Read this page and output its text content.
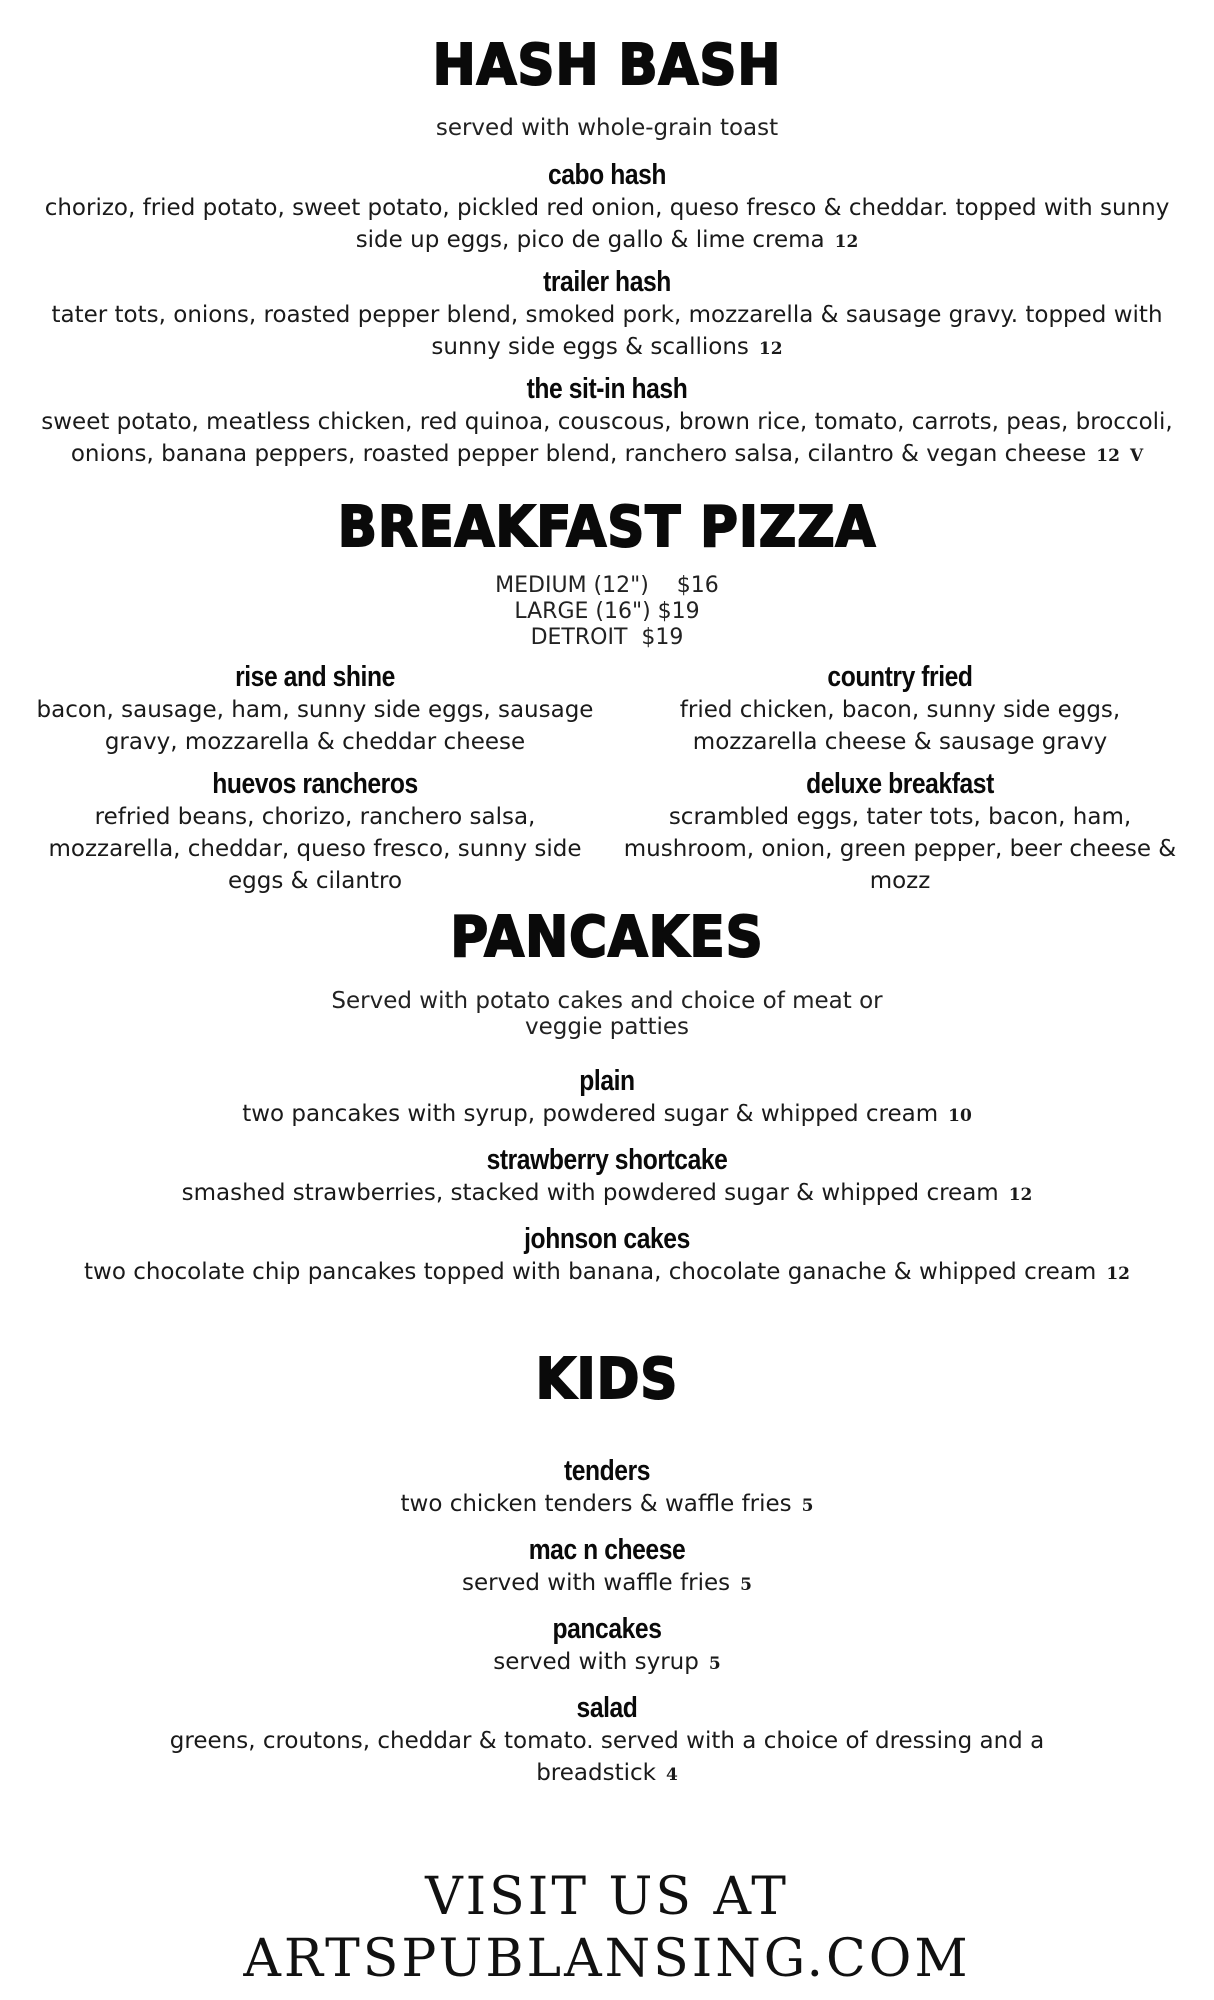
HASH BASH
served with whole-grain toast
cabo hash
chorizo, fried potato, sweet potato, pickled red onion, queso fresco & cheddar. topped with sunny
side up eggs, pico de gallo & lime crema 12
trailer hash
tater tots, onions, roasted pepper blend, smoked pork, mozzarella & sausage gravy. topped with
sunny side eggs & scallions 12
the sit-in hash
sweet potato, meatless chicken, red quinoa, couscous, brown rice, tomato, carrots, peas, broccoli,
onions, banana peppers, roasted pepper blend, ranchero salsa, cilantro & vegan cheese 12 V
BREAKFAST PIZZA
MEDIUM (12")    $16
LARGE (16") $19
DETROIT  $19
rise and shine
bacon, sausage, ham, sunny side eggs, sausage
gravy, mozzarella & cheddar cheese
country fried
fried chicken, bacon, sunny side eggs,
mozzarella cheese & sausage gravy
huevos rancheros
refried beans, chorizo, ranchero salsa,
mozzarella, cheddar, queso fresco, sunny side
eggs & cilantro
deluxe breakfast
scrambled eggs, tater tots, bacon, ham,
mushroom, onion, green pepper, beer cheese &
mozz
PANCAKES
Served with potato cakes and choice of meat or
veggie patties
plain
two pancakes with syrup, powdered sugar & whipped cream 10
strawberry shortcake
smashed strawberries, stacked with powdered sugar & whipped cream 12
johnson cakes
two chocolate chip pancakes topped with banana, chocolate ganache & whipped cream 12
KIDS
tenders
two chicken tenders & waffle fries 5
mac n cheese
served with waffle fries 5
pancakes
served with syrup 5
salad
greens, croutons, cheddar & tomato. served with a choice of dressing and a
breadstick 4
VISIT US AT
ARTSPUBLANSING.COM
